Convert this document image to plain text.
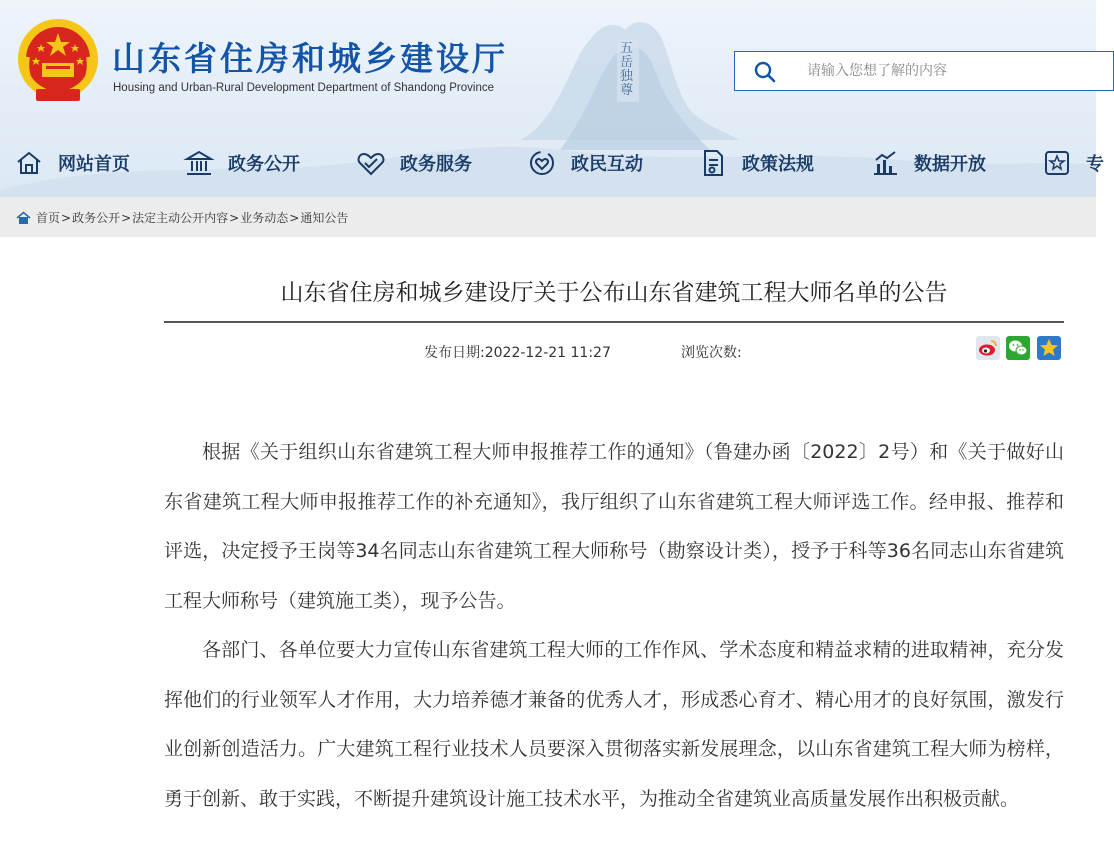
五
岳
独
尊
山东省住房和城乡建设厅
Housing and Urban-Rural Development Department of Shandong Province
请输入您想了解的内容
网站首页	政务公开	政务服务	政民互动	政策法规	数据开放	专
首页 > 政务公开 > 法定主动公开内容 > 业务动态 > 通知公告
山东省住房和城乡建设厅关于公布山东省建筑工程大师名单的公告
发布日期:2022-12-21 11:27	浏览次数:

根据《关于组织山东省建筑工程大师申报推荐工作的通知》（鲁建办函〔2022〕2号）和《关于做好山东省建筑工程大师申报推荐工作的补充通知》，我厅组织了山东省建筑工程大师评选工作。经申报、推荐和评选，决定授予王岗等34名同志山东省建筑工程大师称号（勘察设计类），授予于科等36名同志山东省建筑工程大师称号（建筑施工类），现予公告。

各部门、各单位要大力宣传山东省建筑工程大师的工作作风、学术态度和精益求精的进取精神，充分发挥他们的行业领军人才作用，大力培养德才兼备的优秀人才，形成悉心育才、精心用才的良好氛围，激发行业创新创造活力。广大建筑工程行业技术人员要深入贯彻落实新发展理念，以山东省建筑工程大师为榜样，勇于创新、敢于实践，不断提升建筑设计施工技术水平，为推动全省建筑业高质量发展作出积极贡献。
